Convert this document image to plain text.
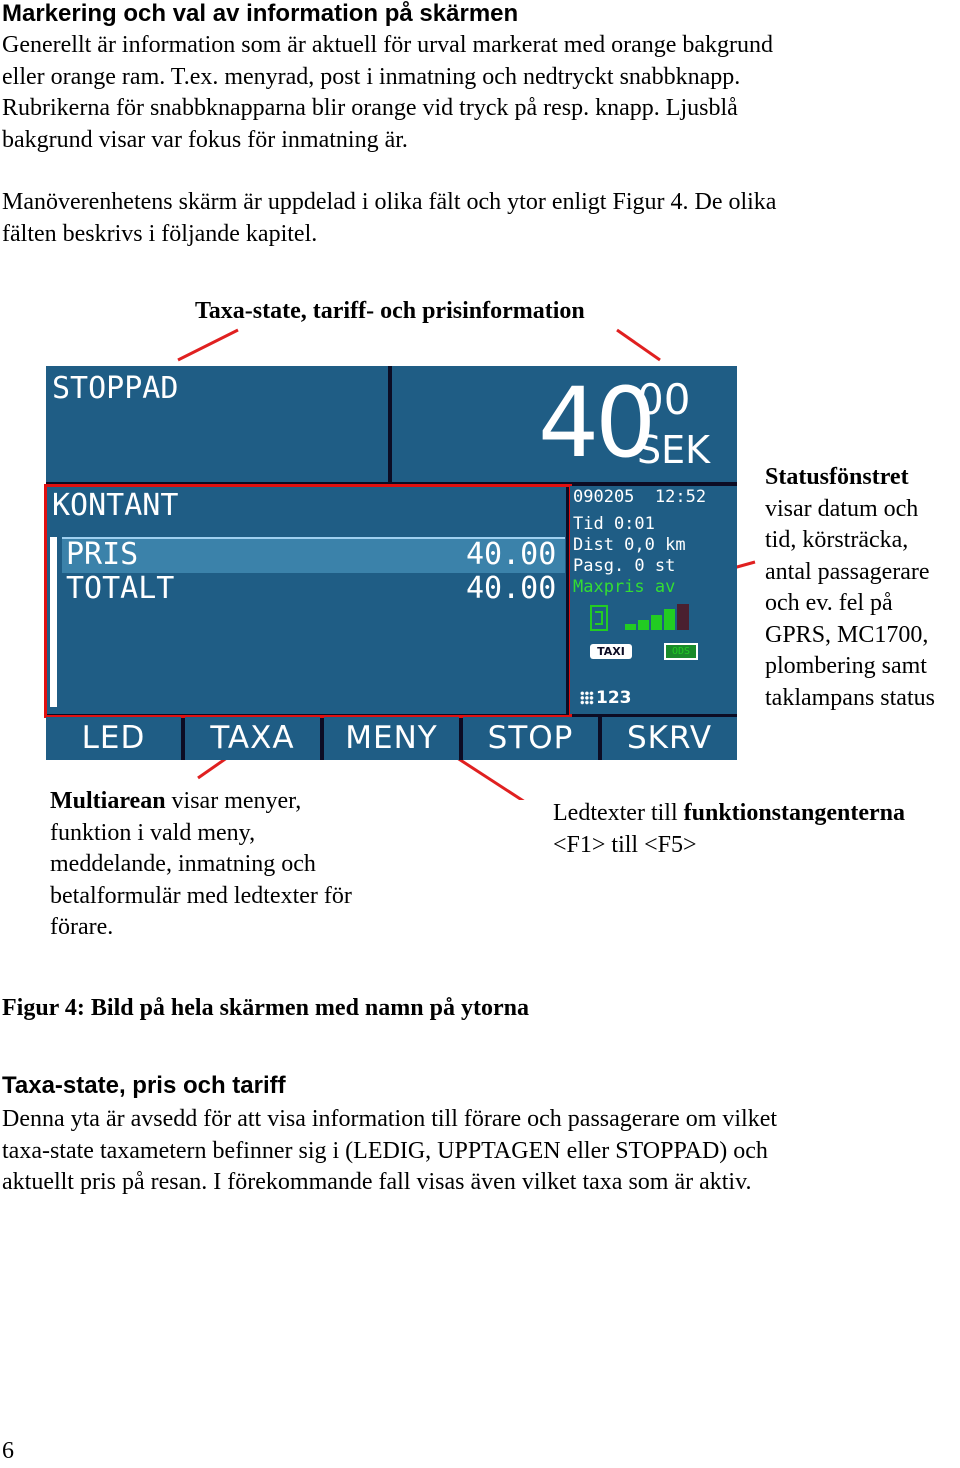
Markering och val av information på skärmen
Generellt är information som är aktuell för urval markerat med orange bakgrund
eller orange ram. T.ex. menyrad, post i inmatning och nedtryckt snabbknapp.
Rubrikerna för snabbknapparna blir orange vid tryck på resp. knapp. Ljusblå
bakgrund visar var fokus för inmatning är.
Manöverenhetens skärm är uppdelad i olika fält och ytor enligt Figur 4. De olika
fälten beskrivs i följande kapitel.
Taxa-state, tariff- och prisinformation
STOPPAD	40
00
SEK
KONTANT
PRIS	40.00
TOTALT	40.00
090205  12:52
Tid 0:01
Dist 0,0 km
Pasg. 0 st
Maxpris av
TAXI	ODS
123
LED	TAXA	MENY	STOP	SKRV
Statusfönstret
visar datum och
tid, körsträcka,
antal passagerare
och ev. fel på
GPRS, MC1700,
plombering samt
taklampans status
Multiarean visar menyer,
funktion i vald meny,
meddelande, inmatning och
betalformulär med ledtexter för
förare.
Ledtexter till funktionstangenterna
<F1> till <F5>
Figur 4: Bild på hela skärmen med namn på ytorna
Taxa-state, pris och tariff
Denna yta är avsedd för att visa information till förare och passagerare om vilket
taxa-state taxametern befinner sig i (LEDIG, UPPTAGEN eller STOPPAD) och
aktuellt pris på resan. I förekommande fall visas även vilket taxa som är aktiv.
6
